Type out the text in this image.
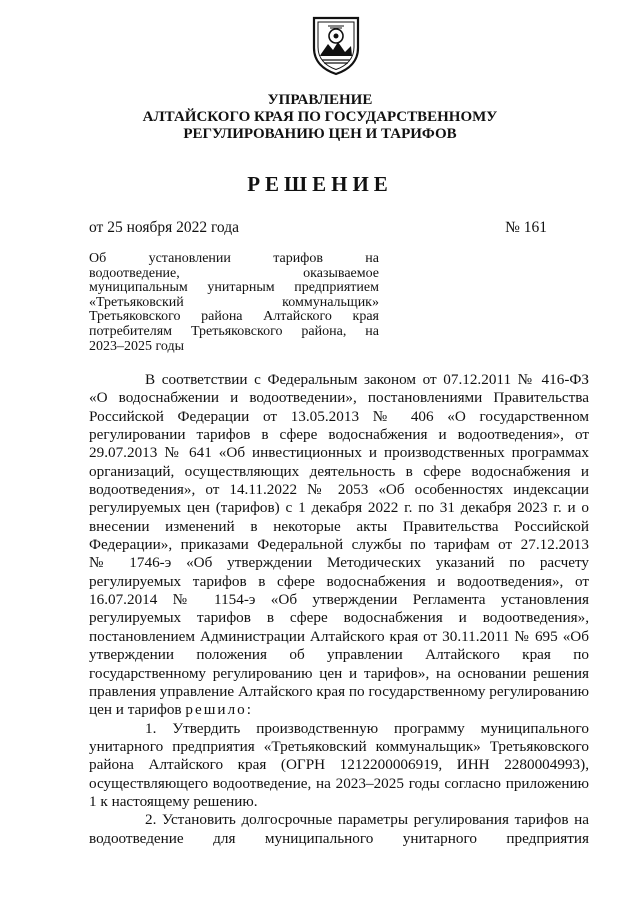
УПРАВЛЕНИЕ
АЛТАЙСКОГО КРАЯ ПО ГОСУДАРСТВЕННОМУ
РЕГУЛИРОВАНИЮ ЦЕН И ТАРИФОВ
РЕШЕНИЕ
от 25 ноября 2022 года	№ 161
Об установлении тарифов на
водоотведение, оказываемое
муниципальным унитарным предприятием
«Третьяковский коммунальщик»
Третьяковского района Алтайского края
потребителям Третьяковского района, на
2023–2025 годы
В соответствии с Федеральным законом от 07.12.2011 № 416-ФЗ
«О водоснабжении и водоотведении», постановлениями Правительства
Российской Федерации от 13.05.2013 № 406 «О государственном
регулировании тарифов в сфере водоснабжения и водоотведения», от
29.07.2013 № 641 «Об инвестиционных и производственных программах
организаций, осуществляющих деятельность в сфере водоснабжения и
водоотведения», от 14.11.2022 № 2053 «Об особенностях индексации
регулируемых цен (тарифов) с 1 декабря 2022 г. по 31 декабря 2023 г. и о
внесении изменений в некоторые акты Правительства Российской
Федерации», приказами Федеральной службы по тарифам от 27.12.2013
№ 1746-э «Об утверждении Методических указаний по расчету
регулируемых тарифов в сфере водоснабжения и водоотведения», от
16.07.2014 № 1154-э «Об утверждении Регламента установления
регулируемых тарифов в сфере водоснабжения и водоотведения»,
постановлением Администрации Алтайского края от 30.11.2011 № 695 «Об
утверждении положения об управлении Алтайского края по
государственному регулированию цен и тарифов», на основании решения
правления управление Алтайского края по государственному регулированию
цен и тарифов решило:
1. Утвердить производственную программу муниципального
унитарного предприятия «Третьяковский коммунальщик» Третьяковского
района Алтайского края (ОГРН 1212200006919, ИНН 2280004993),
осуществляющего водоотведение, на 2023–2025 годы согласно приложению
1 к настоящему решению.
2. Установить долгосрочные параметры регулирования тарифов на
водоотведение для муниципального унитарного предприятия
